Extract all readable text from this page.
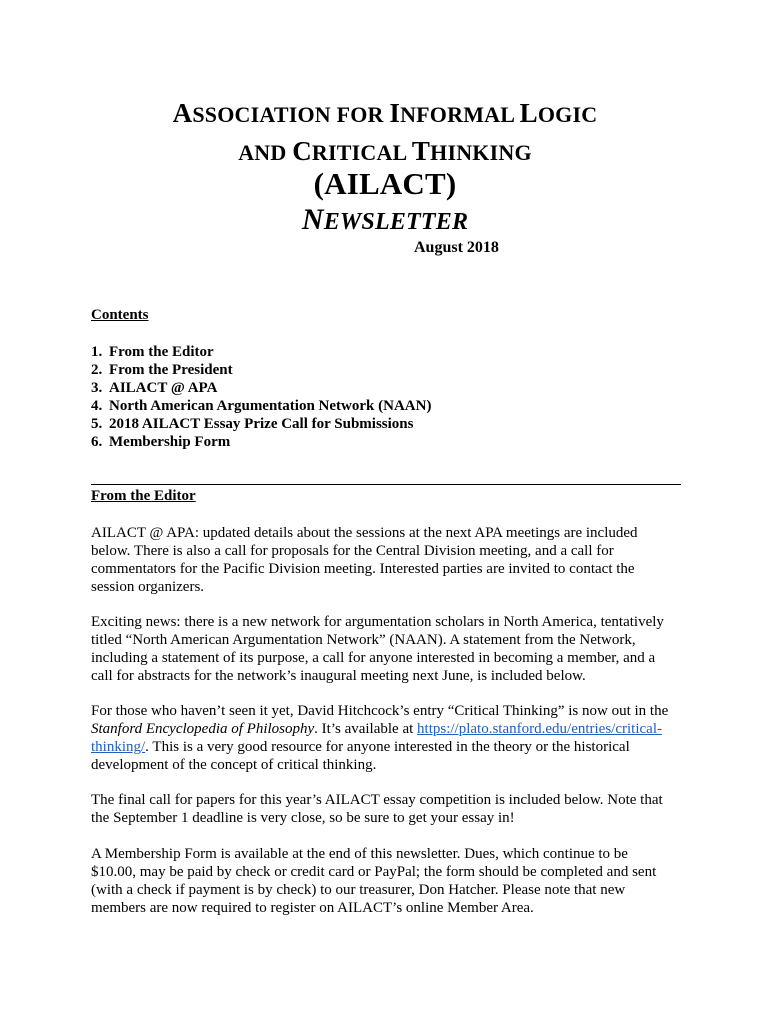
ASSOCIATION FOR INFORMAL LOGIC
AND CRITICAL THINKING
(AILACT)
NEWSLETTER
August 2018
Contents
1. From the Editor
2. From the President
3. AILACT @ APA
4. North American Argumentation Network (NAAN)
5. 2018 AILACT Essay Prize Call for Submissions
6. Membership Form
From the Editor
AILACT @ APA: updated details about the sessions at the next APA meetings are included
below. There is also a call for proposals for the Central Division meeting, and a call for
commentators for the Pacific Division meeting. Interested parties are invited to contact the
session organizers.
Exciting news: there is a new network for argumentation scholars in North America, tentatively
titled “North American Argumentation Network” (NAAN). A statement from the Network,
including a statement of its purpose, a call for anyone interested in becoming a member, and a
call for abstracts for the network’s inaugural meeting next June, is included below.
For those who haven’t seen it yet, David Hitchcock’s entry “Critical Thinking” is now out in the
Stanford Encyclopedia of Philosophy. It’s available at https://plato.stanford.edu/entries/critical-
thinking/. This is a very good resource for anyone interested in the theory or the historical
development of the concept of critical thinking.
The final call for papers for this year’s AILACT essay competition is included below. Note that
the September 1 deadline is very close, so be sure to get your essay in!
A Membership Form is available at the end of this newsletter. Dues, which continue to be
$10.00, may be paid by check or credit card or PayPal; the form should be completed and sent
(with a check if payment is by check) to our treasurer, Don Hatcher. Please note that new
members are now required to register on AILACT’s online Member Area.
